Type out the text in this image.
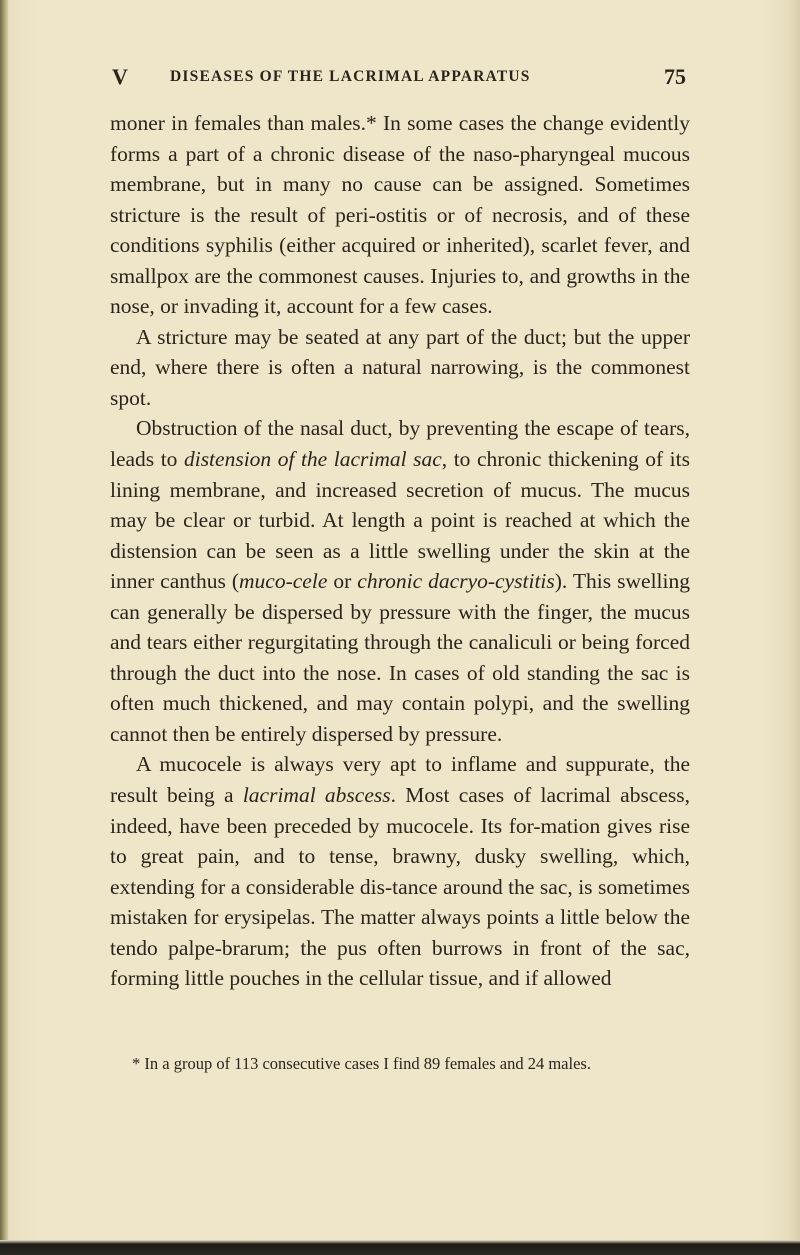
V	DISEASES OF THE LACRIMAL APPARATUS	75

moner in females than males.* In some cases the change evidently forms a part of a chronic disease of the naso-pharyngeal mucous membrane, but in many no cause can be assigned. Sometimes stricture is the result of peri-ostitis or of necrosis, and of these conditions syphilis (either acquired or inherited), scarlet fever, and smallpox are the commonest causes. Injuries to, and growths in the nose, or invading it, account for a few cases.

A stricture may be seated at any part of the duct; but the upper end, where there is often a natural narrowing, is the commonest spot.

Obstruction of the nasal duct, by preventing the escape of tears, leads to distension of the lacrimal sac, to chronic thickening of its lining membrane, and increased secretion of mucus. The mucus may be clear or turbid. At length a point is reached at which the distension can be seen as a little swelling under the skin at the inner canthus (muco-cele or chronic dacryo-cystitis). This swelling can generally be dispersed by pressure with the finger, the mucus and tears either regurgitating through the canaliculi or being forced through the duct into the nose. In cases of old standing the sac is often much thickened, and may contain polypi, and the swelling cannot then be entirely dispersed by pressure.

A mucocele is always very apt to inflame and suppurate, the result being a lacrimal abscess. Most cases of lacrimal abscess, indeed, have been preceded by mucocele. Its for-mation gives rise to great pain, and to tense, brawny, dusky swelling, which, extending for a considerable dis-tance around the sac, is sometimes mistaken for erysipelas. The matter always points a little below the tendo palpe-brarum; the pus often burrows in front of the sac, forming little pouches in the cellular tissue, and if allowed

* In a group of 113 consecutive cases I find 89 females and 24 males.
